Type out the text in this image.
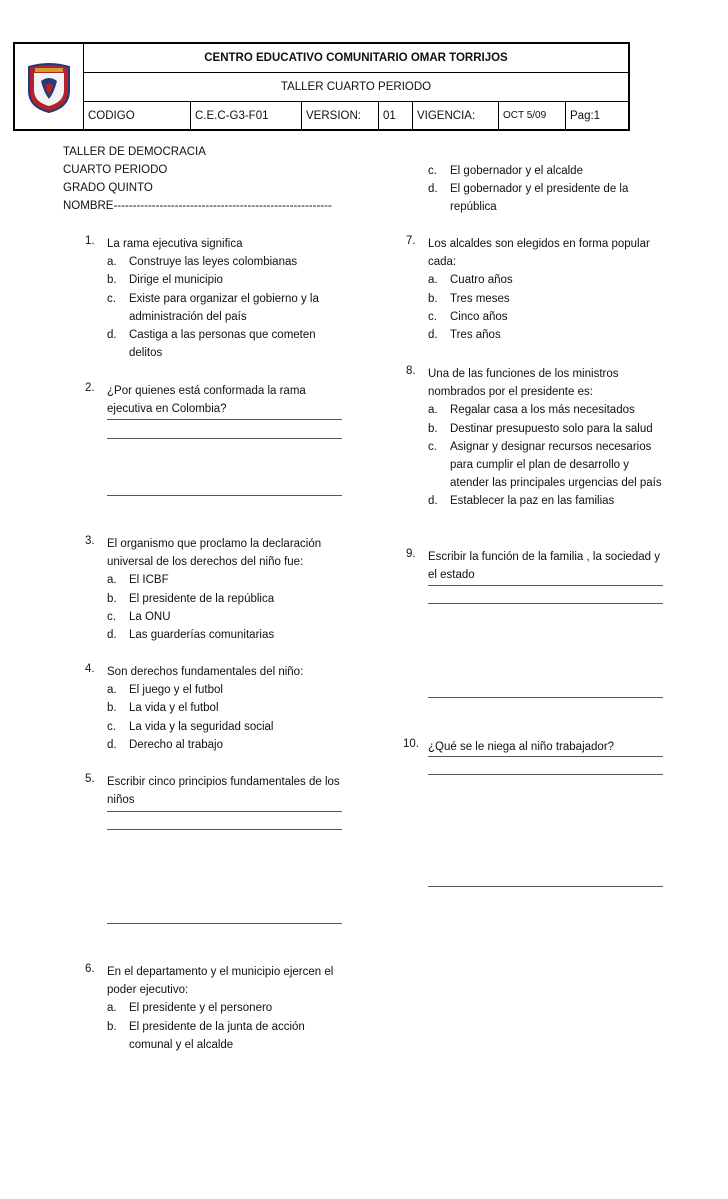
	CENTRO EDUCATIVO COMUNITARIO OMAR TORRIJOS						
	TALLER CUARTO PERIODO						
	CODIGO	C.E.C-G3-F01	VERSION:	01	VIGENCIA:	OCT 5/09	Pag:1
TALLER DE DEMOCRACIA
CUARTO PERIODO
GRADO QUINTO
NOMBRE---------------------------------------------------------
1. La rama ejecutiva significa
a. Construye las leyes colombianas
b. Dirige el municipio
c. Existe para organizar el gobierno y la administración del país
d. Castiga a las personas que cometen delitos
2. ¿Por quienes está conformada la rama ejecutiva en Colombia?
3. El organismo que proclamo la declaración universal de los derechos del niño fue:
a. El ICBF
b. El presidente de la república
c. La ONU
d. Las guarderías comunitarias
4. Son derechos fundamentales del niño:
a. El juego y el futbol
b. La vida y el futbol
c. La vida y la seguridad social
d. Derecho al trabajo
5. Escribir cinco principios fundamentales de los niños
6. En el departamento y el municipio ejercen el poder ejecutivo:
a. El presidente y el personero
b. El presidente de la junta de acción comunal y el alcalde
c. El gobernador y el alcalde
d. El gobernador y el presidente de la república
7. Los alcaldes son elegidos en forma popular cada:
a. Cuatro años
b. Tres meses
c. Cinco años
d. Tres años
8. Una de las funciones de los ministros nombrados por el presidente es:
a. Regalar casa a los más necesitados
b. Destinar presupuesto solo para la salud
c. Asignar y designar recursos necesarios para cumplir el plan de desarrollo y atender las principales urgencias del país
d. Establecer la paz en las familias
9. Escribir la función de la familia , la sociedad y el estado
10. ¿Qué se le niega al niño trabajador?
